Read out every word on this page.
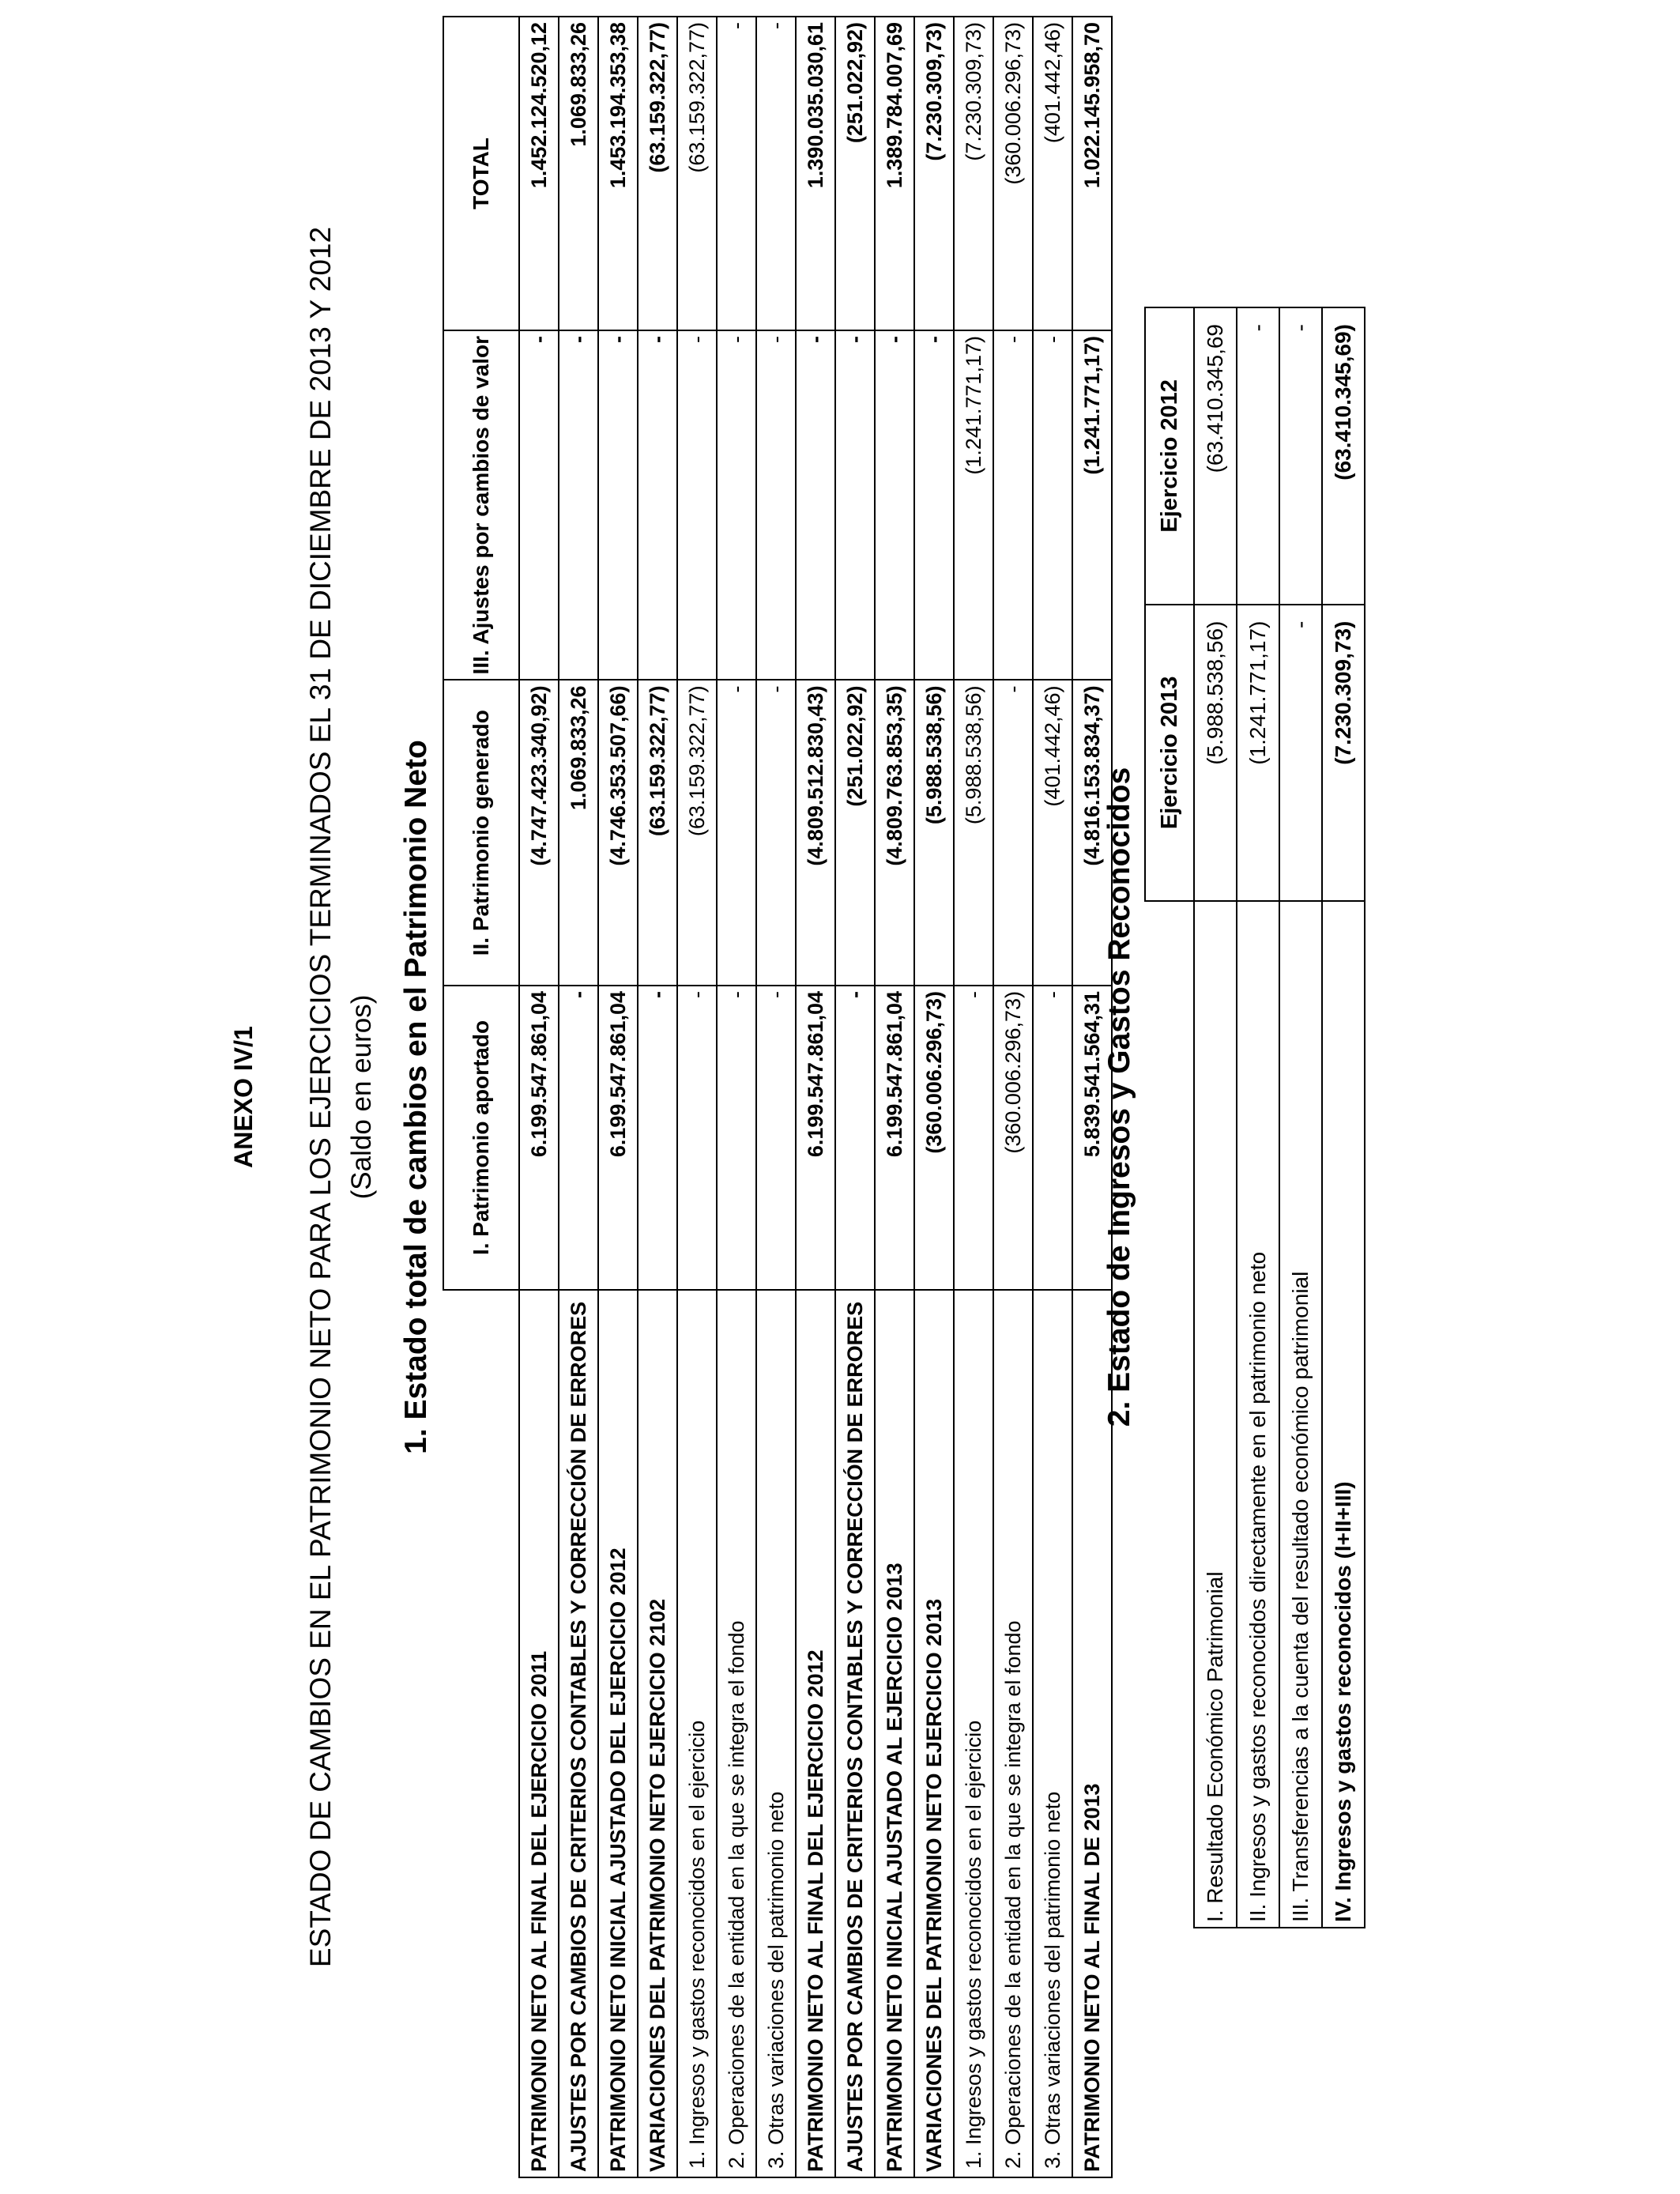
ANEXO IV/1 ESTADO DE CAMBIOS EN EL PATRIMONIO NETO PARA LOS EJERCICIOS TERMINADOS EL 31 DE DICIEMBRE DE 2013 Y 2012 (Saldo en euros) 1. Estado total de cambios en el Patrimonio Neto
	I. Patrimonio aportado	II. Patrimonio generado	III. Ajustes por cambios de valor	TOTAL
PATRIMONIO NETO AL FINAL DEL EJERCICIO 2011	6.199.547.861,04	(4.747.423.340,92)	-	1.452.124.520,12
AJUSTES POR CAMBIOS DE CRITERIOS CONTABLES Y CORRECCIÓN DE ERRORES	-	1.069.833,26	-	1.069.833,26
PATRIMONIO NETO INICIAL AJUSTADO DEL EJERCICIO 2012	6.199.547.861,04	(4.746.353.507,66)	-	1.453.194.353,38
VARIACIONES DEL PATRIMONIO NETO EJERCICIO 2102	-	(63.159.322,77)	-	(63.159.322,77)
1. Ingresos y gastos reconocidos en el ejercicio	-	(63.159.322,77)	-	(63.159.322,77)
2. Operaciones de la entidad en la que se integra el fondo	-	-	-	-
3. Otras variaciones del patrimonio neto	-	-	-	-
PATRIMONIO NETO AL FINAL DEL EJERCICIO 2012	6.199.547.861,04	(4.809.512.830,43)	-	1.390.035.030,61
AJUSTES POR CAMBIOS DE CRITERIOS CONTABLES Y CORRECCIÓN DE ERRORES	-	(251.022,92)	-	(251.022,92)
PATRIMONIO NETO INICIAL AJUSTADO AL EJERCICIO 2013	6.199.547.861,04	(4.809.763.853,35)	-	1.389.784.007,69
VARIACIONES DEL PATRIMONIO NETO EJERCICIO 2013	(360.006.296,73)	(5.988.538,56)	-	(7.230.309,73)
1. Ingresos y gastos reconocidos en el ejercicio	-	(5.988.538,56)	(1.241.771,17)	(7.230.309,73)
2. Operaciones de la entidad en la que se integra el fondo	(360.006.296,73)	-	-	(360.006.296,73)
3. Otras variaciones del patrimonio neto	-	(401.442,46)	-	(401.442,46)
PATRIMONIO NETO AL FINAL DE 2013	5.839.541.564,31	(4.816.153.834,37)	(1.241.771,17)	1.022.145.958,70
2. Estado de Ingresos y Gastos Reconocidos
	Ejercicio 2013	Ejercicio 2012
I. Resultado Económico Patrimonial	(5.988.538,56)	(63.410.345,69
II. Ingresos y gastos reconocidos directamente en el patrimonio neto	(1.241.771,17)	-
III. Transferencias a la cuenta del resultado económico patrimonial	-	-
IV. Ingresos y gastos reconocidos (I+II+III)	(7.230.309,73)	(63.410.345,69)
